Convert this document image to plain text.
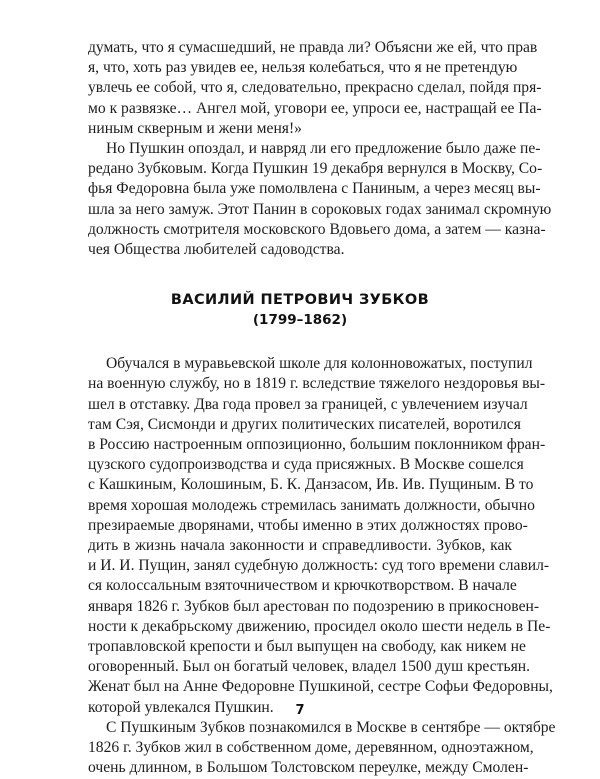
думать, что я сумасшедший, не правда ли? Объясни же ей, что прав
я, что, хоть раз увидев ее, нельзя колебаться, что я не претендую
увлечь ее собой, что я, следовательно, прекрасно сделал, пойдя пря-
мо к развязке… Ангел мой, уговори ее, упроси ее, настращай ее Па-
ниным скверным и жени меня!»
Но Пушкин опоздал, и навряд ли его предложение было даже пе-
редано Зубковым. Когда Пушкин 19 декабря вернулся в Москву, Со-
фья Федоровна была уже помолвлена с Паниным, а через месяц вы-
шла за него замуж. Этот Панин в сороковых годах занимал скромную
должность смотрителя московского Вдовьего дома, а затем — казна-
чея Общества любителей садоводства.
ВАСИЛИЙ ПЕТРОВИЧ ЗУБКОВ
(1799–1862)
Обучался в муравьевской школе для колонновожатых, поступил
на военную службу, но в 1819 г. вследствие тяжелого нездоровья вы-
шел в отставку. Два года провел за границей, с увлечением изучал
там Сэя, Сисмонди и других политических писателей, воротился
в Россию настроенным оппозиционно, большим поклонником фран-
цузского судопроизводства и суда присяжных. В Москве сошелся
с Кашкиным, Колошиным, Б. К. Данзасом, Ив. Ив. Пущиным. В то
время хорошая молодежь стремилась занимать должности, обычно
презираемые дворянами, чтобы именно в этих должностях прово-
дить в жизнь начала законности и справедливости. Зубков, как
и И. И. Пущин, занял судебную должность: суд того времени славил-
ся колоссальным взяточничеством и крючкотворством. В начале
января 1826 г. Зубков был арестован по подозрению в прикосновен-
ности к декабрьскому движению, просидел около шести недель в Пе-
тропавловской крепости и был выпущен на свободу, как никем не
оговоренный. Был он богатый человек, владел 1500 душ крестьян.
Женат был на Анне Федоровне Пушкиной, сестре Софьи Федоровны,
которой увлекался Пушкин.
С Пушкиным Зубков познакомился в Москве в сентябре — октябре
1826 г. Зубков жил в собственном доме, деревянном, одноэтажном,
очень длинном, в Большом Толстовском переулке, между Смолен-
7
